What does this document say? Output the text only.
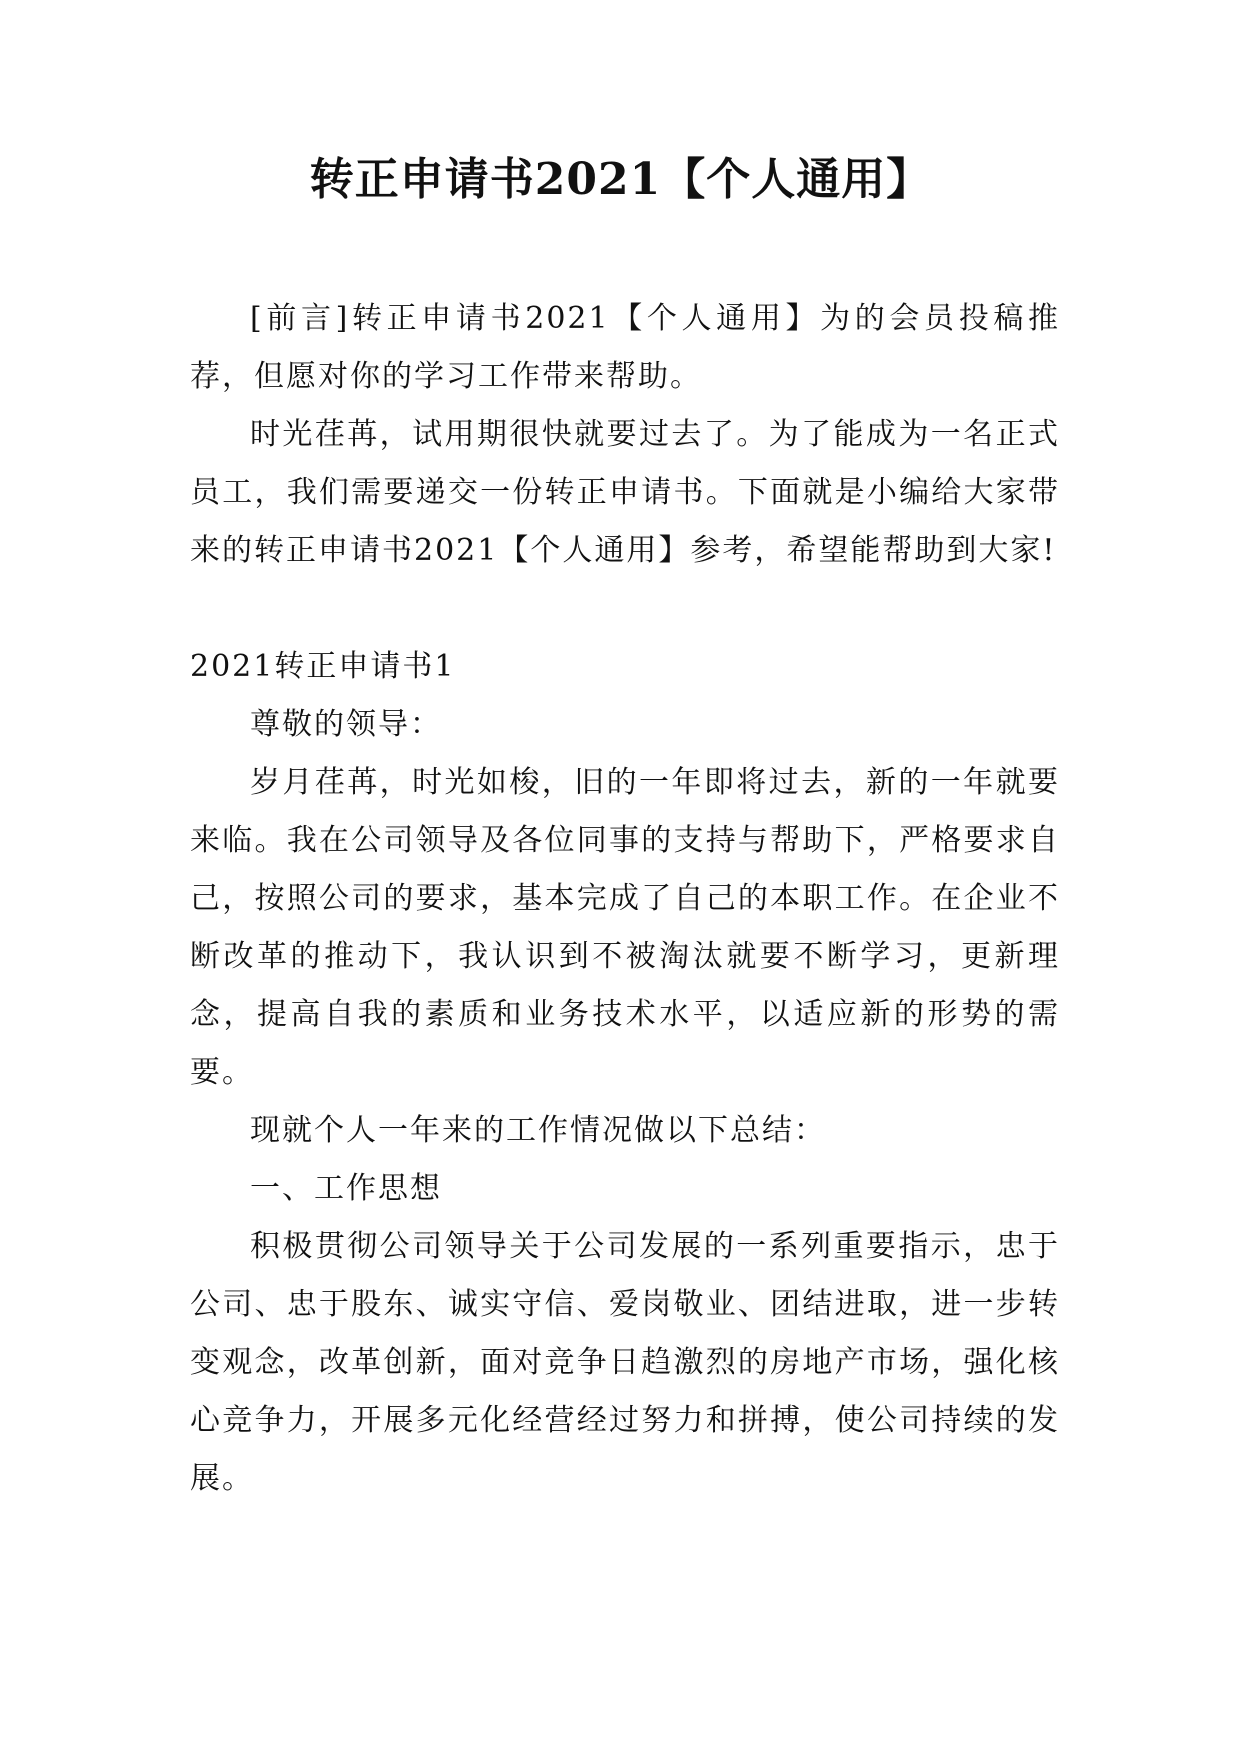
转正申请书2021【个人通用】

[前言]转正申请书2021【个人通用】为的会员投稿推荐，但愿对你的学习工作带来帮助。

时光荏苒，试用期很快就要过去了。为了能成为一名正式员工，我们需要递交一份转正申请书。下面就是小编给大家带来的转正申请书2021【个人通用】参考，希望能帮助到大家!

2021转正申请书1

尊敬的领导：

岁月荏苒，时光如梭，旧的一年即将过去，新的一年就要来临。我在公司领导及各位同事的支持与帮助下，严格要求自己，按照公司的要求，基本完成了自己的本职工作。在企业不断改革的推动下，我认识到不被淘汰就要不断学习，更新理念，提高自我的素质和业务技术水平，以适应新的形势的需要。

现就个人一年来的工作情况做以下总结：

一、工作思想

积极贯彻公司领导关于公司发展的一系列重要指示，忠于公司、忠于股东、诚实守信、爱岗敬业、团结进取，进一步转变观念，改革创新，面对竞争日趋激烈的房地产市场，强化核心竞争力，开展多元化经营经过努力和拼搏，使公司持续的发展。
